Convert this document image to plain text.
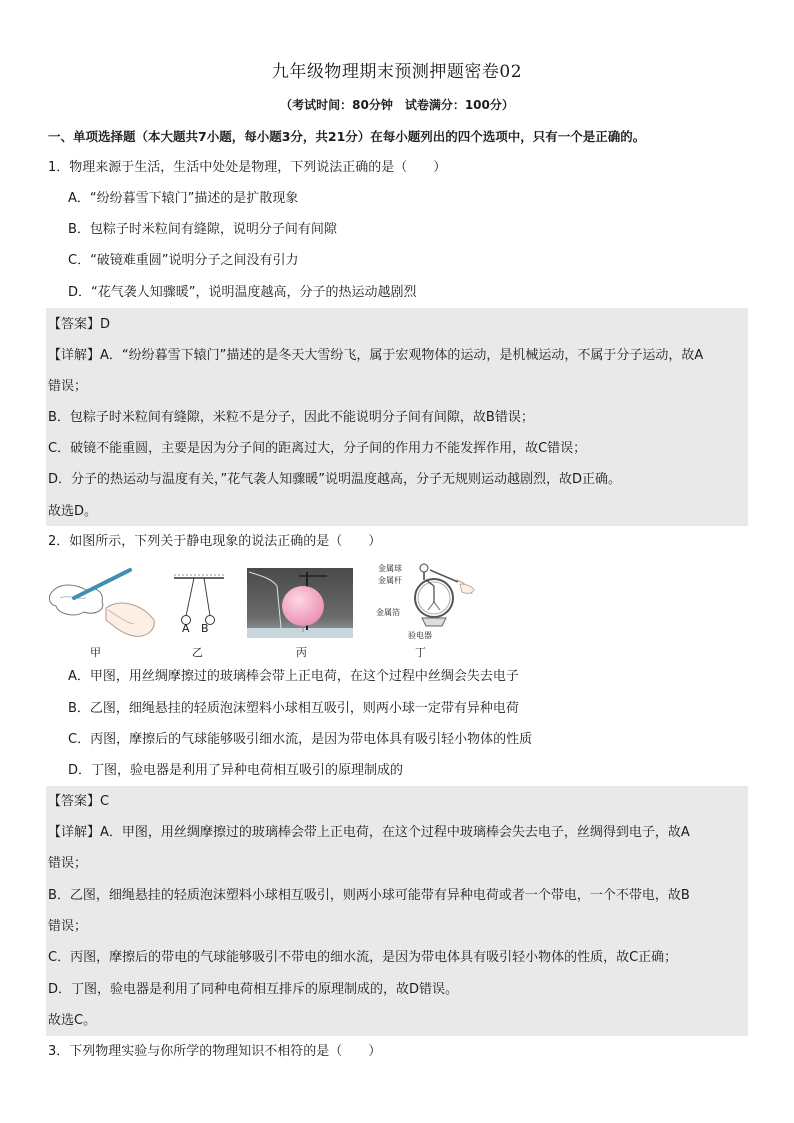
九年级物理期末预测押题密卷02
（考试时间：80分钟　试卷满分：100分）
一、单项选择题（本大题共7小题，每小题3分，共21分）在每小题列出的四个选项中，只有一个是正确的。
1．物理来源于生活，生活中处处是物理，下列说法正确的是（　　）
A．“纷纷暮雪下辕门”描述的是扩散现象
B．包粽子时米粒间有缝隙，说明分子间有间隙
C．“破镜难重圆”说明分子之间没有引力
D．“花气袭人知骤暖”，说明温度越高，分子的热运动越剧烈
【答案】D
【详解】A．“纷纷暮雪下辕门”描述的是冬天大雪纷飞，属于宏观物体的运动，是机械运动，不属于分子运动，故A
错误；
B．包粽子时米粒间有缝隙，米粒不是分子，因此不能说明分子间有间隙，故B错误；
C．破镜不能重圆，主要是因为分子间的距离过大，分子间的作用力不能发挥作用，故C错误；
D．分子的热运动与温度有关，”花气袭人知骤暖”说明温度越高，分子无规则运动越剧烈，故D正确。
故选D。
2．如图所示，下列关于静电现象的说法正确的是（　　）
A B
金属球
金属杆
金属箔
验电器
甲	乙	丙	丁
A．甲图，用丝绸摩擦过的玻璃棒会带上正电荷，在这个过程中丝绸会失去电子
B．乙图，细绳悬挂的轻质泡沫塑料小球相互吸引，则两小球一定带有异种电荷
C．丙图，摩擦后的气球能够吸引细水流，是因为带电体具有吸引轻小物体的性质
D．丁图，验电器是利用了异种电荷相互吸引的原理制成的
【答案】C
【详解】A．甲图，用丝绸摩擦过的玻璃棒会带上正电荷，在这个过程中玻璃棒会失去电子，丝绸得到电子，故A
错误；
B．乙图，细绳悬挂的轻质泡沫塑料小球相互吸引，则两小球可能带有异种电荷或者一个带电，一个不带电，故B
错误；
C．丙图，摩擦后的带电的气球能够吸引不带电的细水流，是因为带电体具有吸引轻小物体的性质，故C正确；
D．丁图，验电器是利用了同种电荷相互排斥的原理制成的，故D错误。
故选C。
3．下列物理实验与你所学的物理知识不相符的是（　　）
